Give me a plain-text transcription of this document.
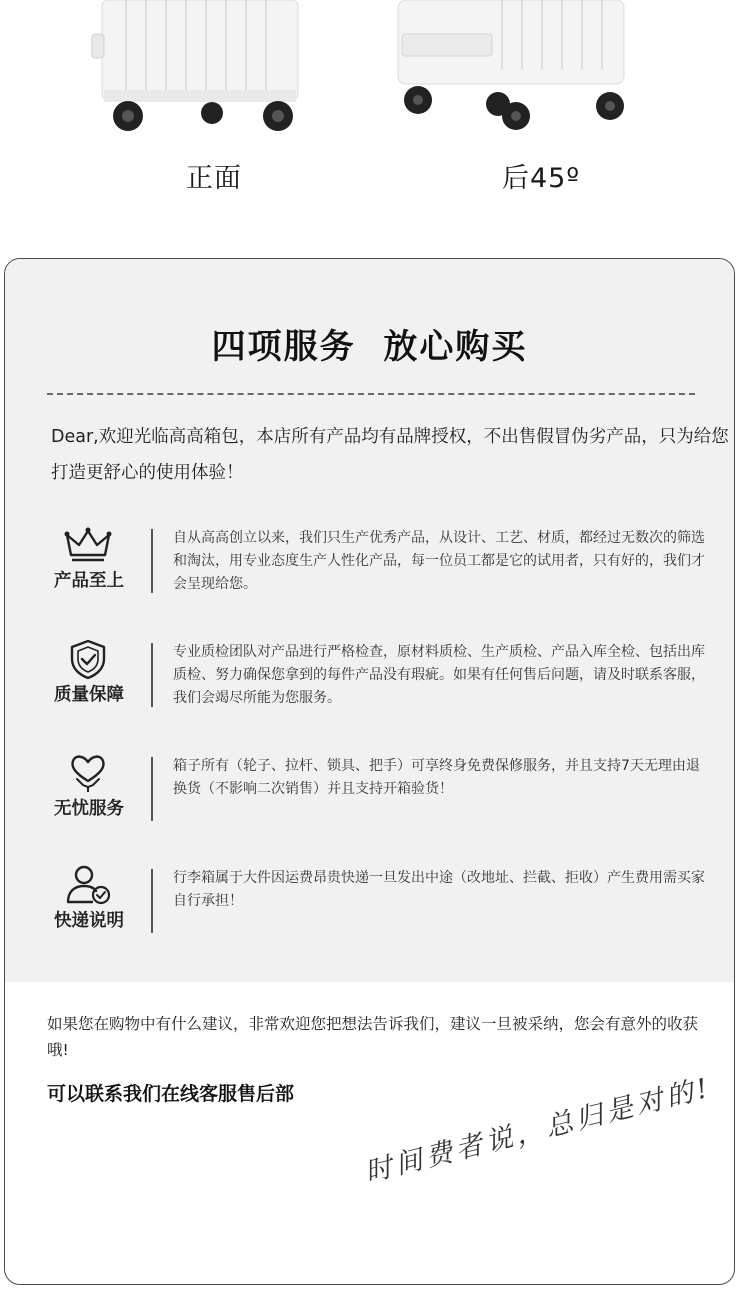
正面	后45º
四项服务  放心购买
Dear,欢迎光临高高箱包，本店所有产品均有品牌授权，不出售假冒伪劣产品，只为给您打造更舒心的使用体验！
产品至上
自从高高创立以来，我们只生产优秀产品，从设计、工艺、材质，都经过无数次的筛选和淘汰，用专业态度生产人性化产品，每一位员工都是它的试用者，只有好的，我们才会呈现给您。
质量保障
专业质检团队对产品进行严格检查，原材料质检、生产质检、产品入库全检、包括出库质检、努力确保您拿到的每件产品没有瑕疵。如果有任何售后问题，请及时联系客服，我们会竭尽所能为您服务。
无忧服务
箱子所有（轮子、拉杆、锁具、把手）可享终身免费保修服务，并且支持7天无理由退换货（不影响二次销售）并且支持开箱验货！
快递说明
行李箱属于大件因运费昂贵快递一旦发出中途（改地址、拦截、拒收）产生费用需买家自行承担！
如果您在购物中有什么建议，非常欢迎您把想法告诉我们，建议一旦被采纳，您会有意外的收获哦!
可以联系我们在线客服售后部	时间费者说，总归是对的!
